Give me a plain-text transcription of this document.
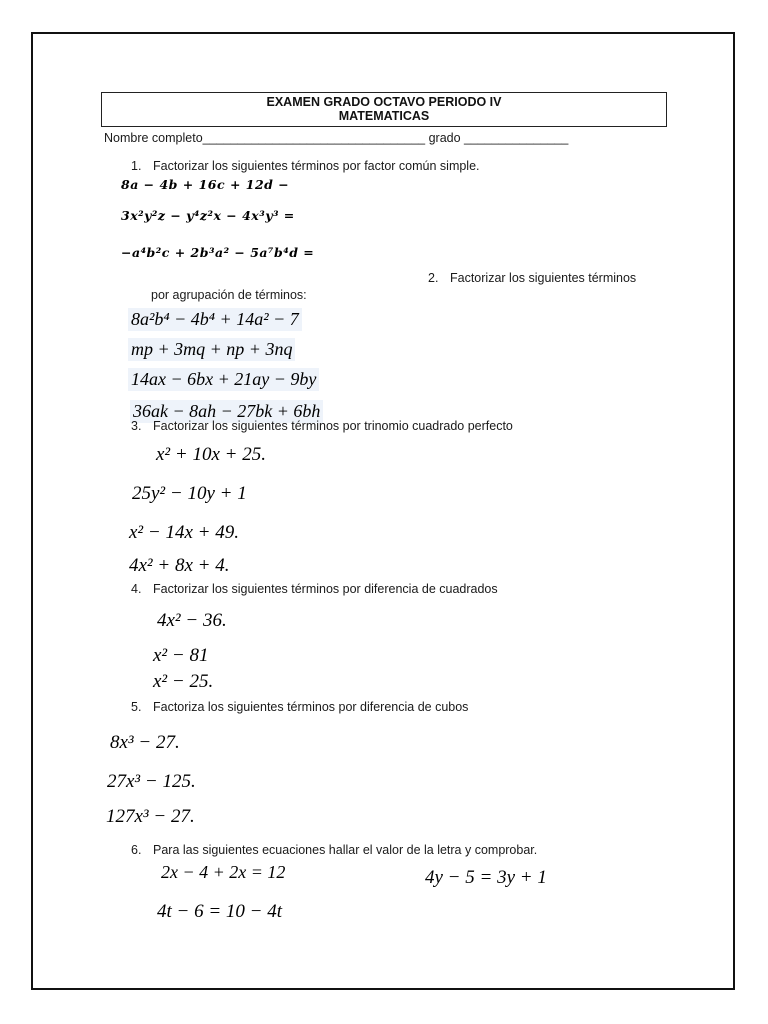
EXAMEN GRADO OCTAVO PERIODO IV
MATEMATICAS
Nombre completo________________________________ grado _______________
1. Factorizar los siguientes términos por factor común simple.
8a − 4b + 16c + 12d −
3x²y²z − y⁴z²x − 4x³y³ =
−a⁴b²c + 2b³a² − 5a⁷b⁴d =
2. Factorizar los siguientes términos
por agrupación de términos:
8a²b⁴ − 4b⁴ + 14a² − 7
mp + 3mq + np + 3nq
14ax − 6bx + 21ay − 9by
36ak − 8ah − 27bk + 6bh
3. Factorizar los siguientes términos por trinomio cuadrado perfecto
x² + 10x + 25.
25y² − 10y + 1
x² − 14x + 49.
4x² + 8x + 4.
4. Factorizar los siguientes términos por diferencia de cuadrados
4x² − 36.
x² − 81
x² − 25.
5. Factoriza los siguientes términos por diferencia de cubos
8x³ − 27.
27x³ − 125.
127x³ − 27.
6. Para las siguientes ecuaciones hallar el valor de la letra y comprobar.
2x − 4 + 2x = 12	4y − 5 = 3y + 1
4t − 6 = 10 − 4t
